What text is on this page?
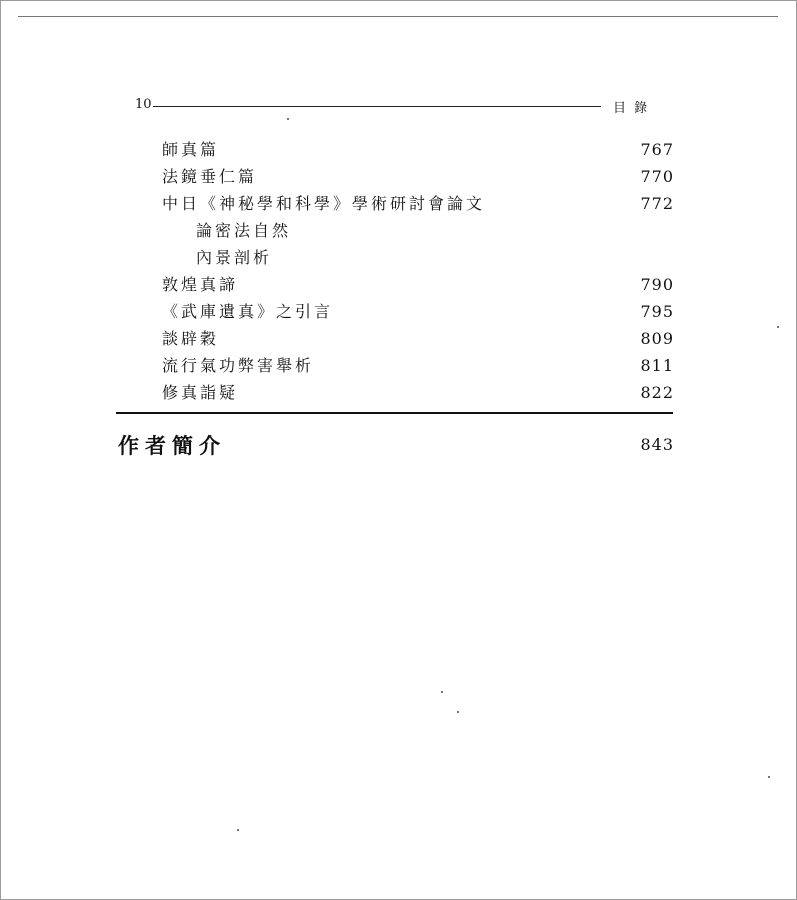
10	目 錄
師真篇	767
法鏡垂仁篇	770
中日《神秘學和科學》學術研討會論文	772
論密法自然
內景剖析
敦煌真諦	790
《武庫遺真》之引言	795
談辟穀	809
流行氣功弊害舉析	811
修真詣疑	822
作者簡介	843
